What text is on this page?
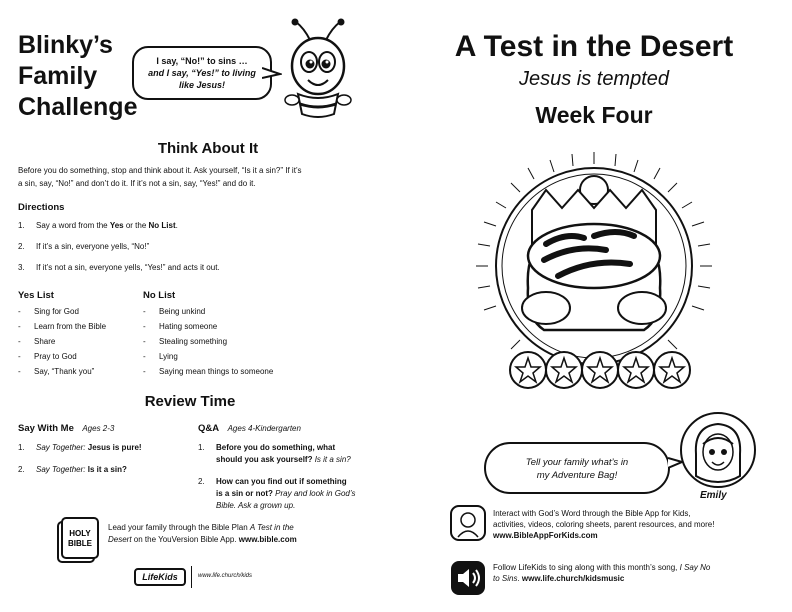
Blinky’s
Family
Challenge
I say, “No!” to sins …
and I say, “Yes!” to living
like Jesus!
Think About It
Before you do something, stop and think about it. Ask yourself, “Is it a sin?” If it’s
a sin, say, “No!” and don’t do it. If it’s not a sin, say, “Yes!” and do it.
Directions
1.	Say a word from the Yes or the No List.
2.	If it’s a sin, everyone yells, “No!”
3.	If it’s not a sin, everyone yells, “Yes!” and acts it out.
Yes List
-	Sing for God
-	Learn from the Bible
-	Share
-	Pray to God
-	Say, “Thank you”
No List
-	Being unkind
-	Hating someone
-	Stealing something
-	Lying
-	Saying mean things to someone
Review Time
Say With Me Ages 2-3
1.	Say Together: Jesus is pure!
2.	Say Together: Is it a sin?
Q&A Ages 4-Kindergarten
1.	Before you do something, what
should you ask yourself? Is it a sin?
2.	How can you find out if something
is a sin or not? Pray and look in God’s
Bible. Ask a grown up.
HOLY
BIBLE
Lead your family through the Bible Plan A Test in the
Desert on the YouVersion Bible App. www.bible.com
LifeKids	www.life.church/kids
A Test in the Desert
Jesus is tempted
Week Four
Tell your family what’s in
my Adventure Bag!
Emily
Interact with God’s Word through the Bible App for Kids,
activities, videos, coloring sheets, parent resources, and more!
www.BibleAppForKids.com
Follow LifeKids to sing along with this month’s song, I Say No
to Sins. www.life.church/kidsmusic
